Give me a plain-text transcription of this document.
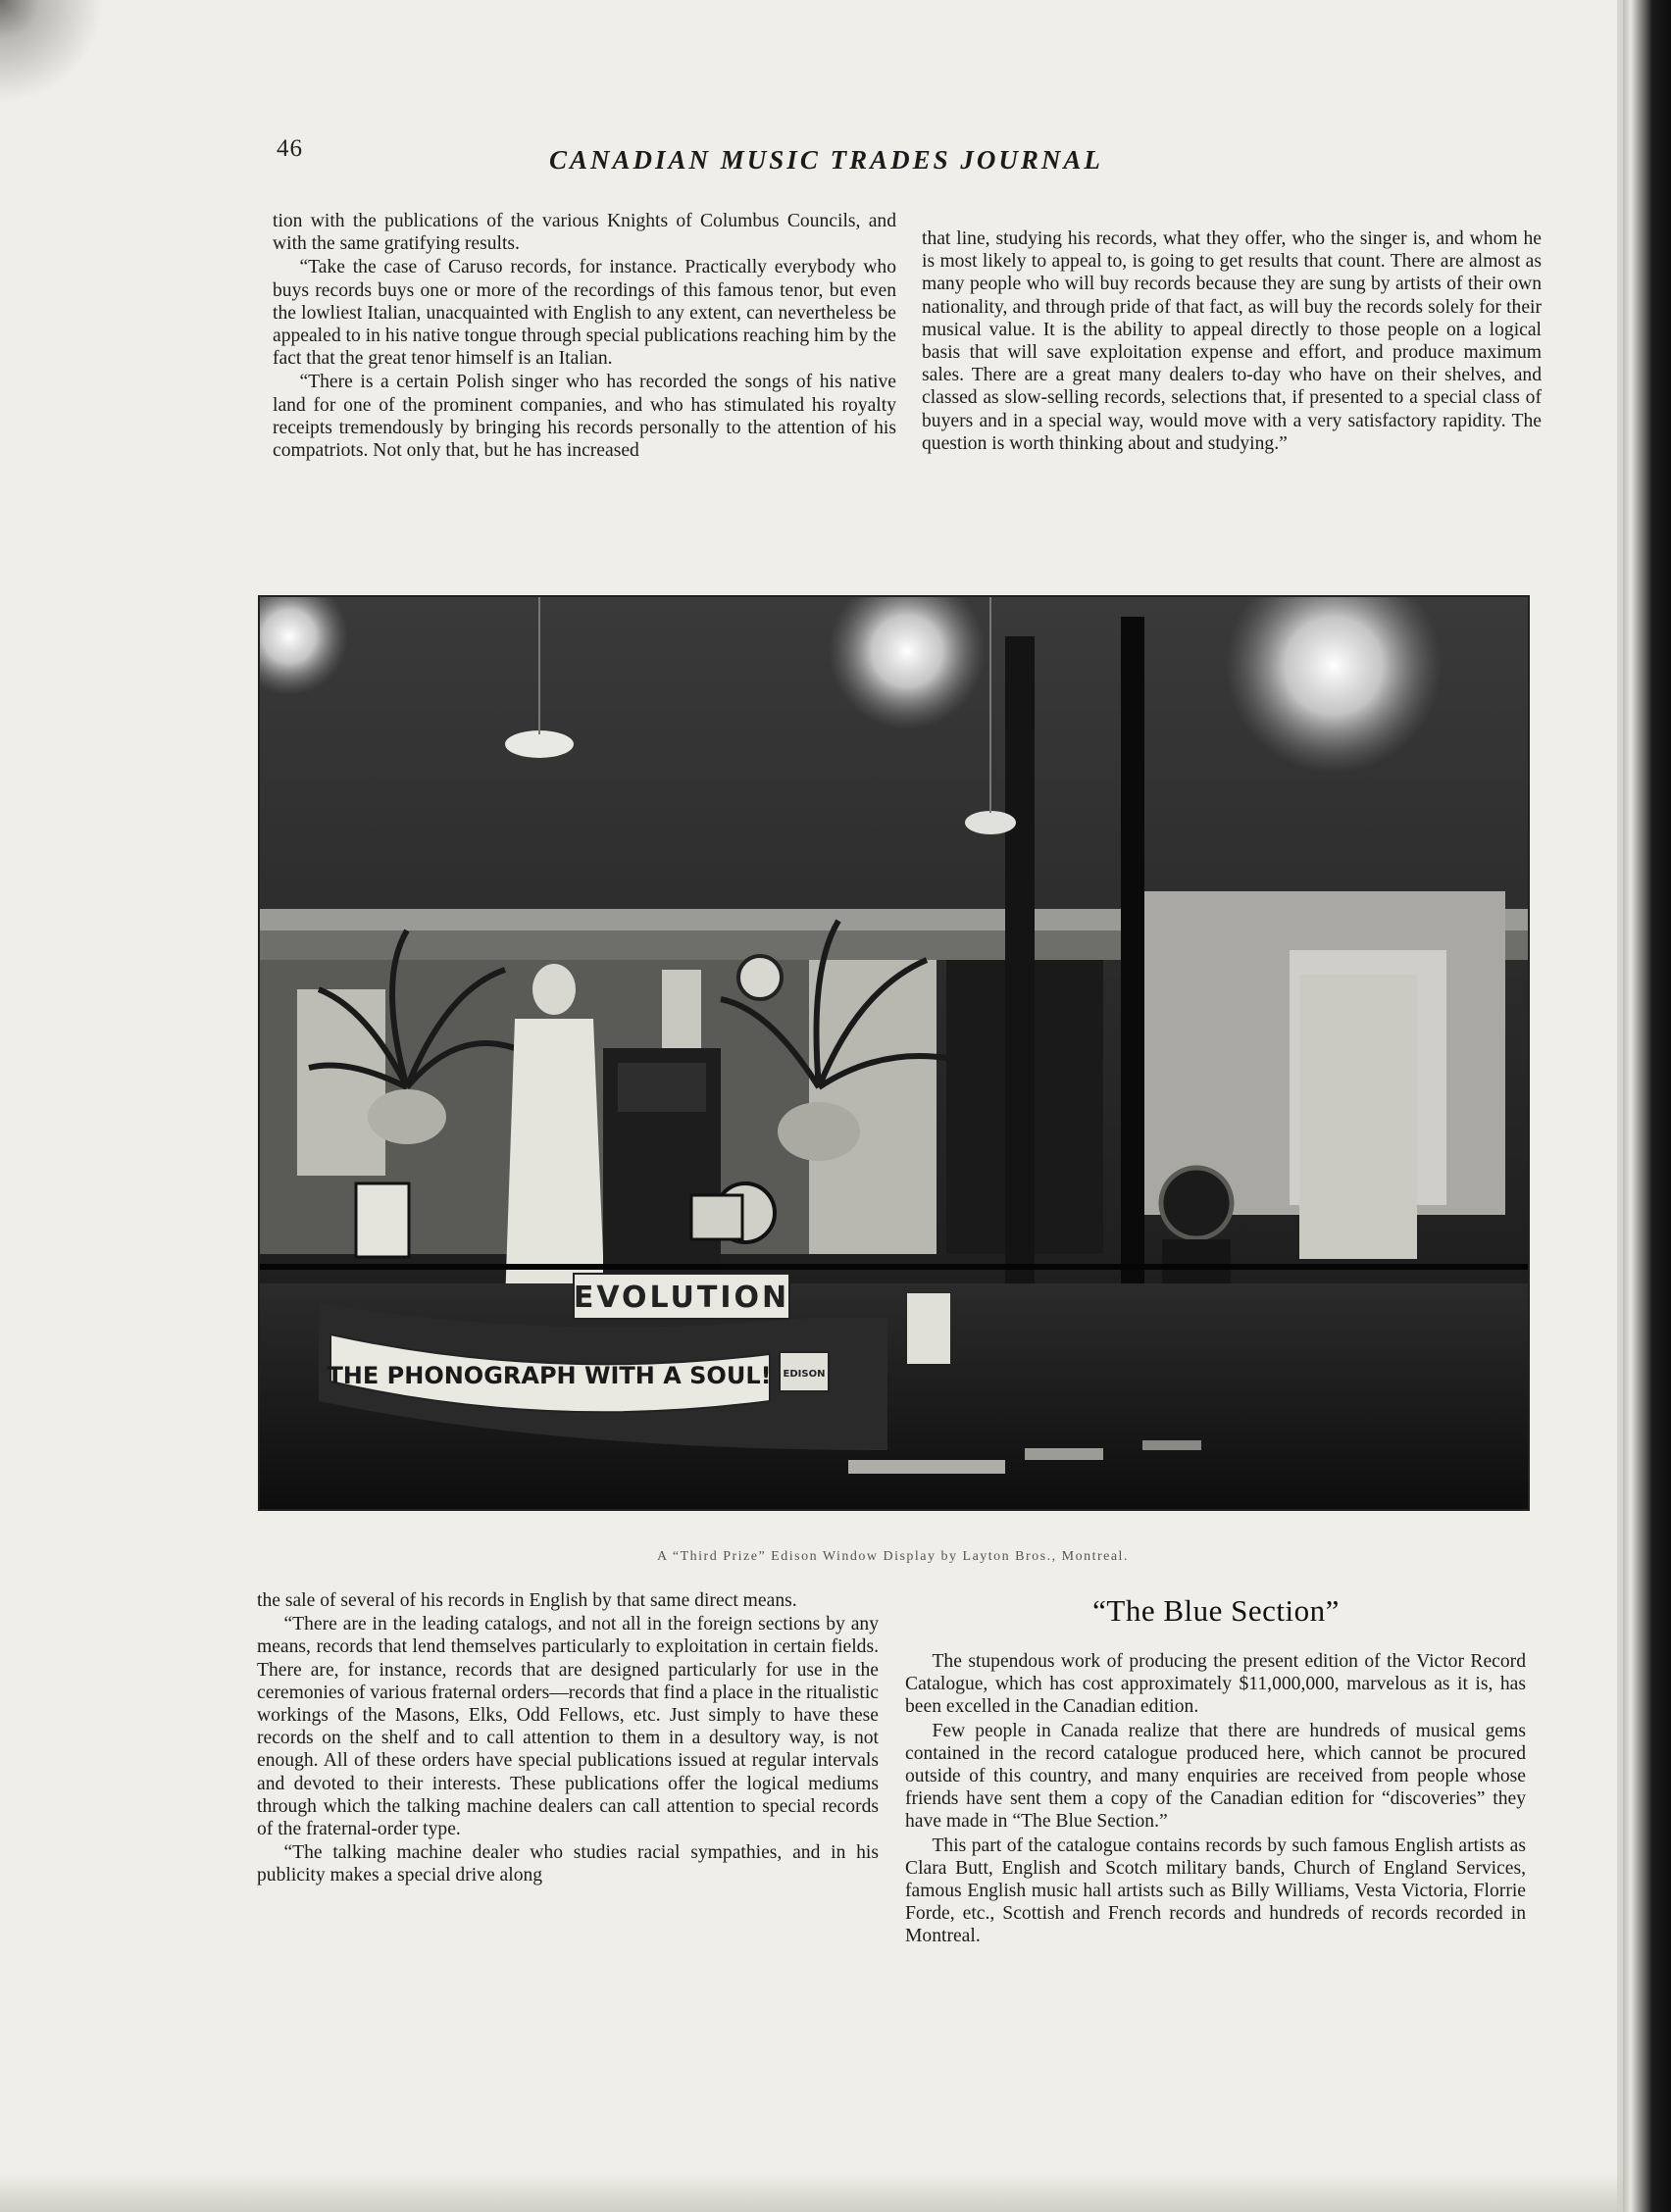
46	CANADIAN MUSIC TRADES JOURNAL

tion with the publications of the various Knights of Columbus Councils, and with the same gratifying results.

“Take the case of Caruso records, for instance. Practically everybody who buys records buys one or more of the recordings of this famous tenor, but even the lowliest Italian, unacquainted with English to any extent, can nevertheless be appealed to in his native tongue through special publications reaching him by the fact that the great tenor himself is an Italian.

“There is a certain Polish singer who has recorded the songs of his native land for one of the prominent companies, and who has stimulated his royalty receipts tremendously by bringing his records personally to the attention of his compatriots. Not only that, but he has increased

that line, studying his records, what they offer, who the singer is, and whom he is most likely to appeal to, is going to get results that count. There are almost as many people who will buy records because they are sung by artists of their own nationality, and through pride of that fact, as will buy the records solely for their musical value. It is the ability to appeal directly to those people on a logical basis that will save exploitation expense and effort, and produce maximum sales. There are a great many dealers to-day who have on their shelves, and classed as slow-selling records, selections that, if presented to a special class of buyers and in a special way, would move with a very satisfactory rapidity. The question is worth thinking about and studying.”

EVOLUTION
THE PHONOGRAPH WITH A SOUL! EDISON
A “Third Prize” Edison Window Display by Layton Bros., Montreal.

the sale of several of his records in English by that same direct means.

“There are in the leading catalogs, and not all in the foreign sections by any means, records that lend themselves particularly to exploitation in certain fields. There are, for instance, records that are designed particularly for use in the ceremonies of various fraternal orders—records that find a place in the ritualistic workings of the Masons, Elks, Odd Fellows, etc. Just simply to have these records on the shelf and to call attention to them in a desultory way, is not enough. All of these orders have special publications issued at regular intervals and devoted to their interests. These publications offer the logical mediums through which the talking machine dealers can call attention to special records of the fraternal-order type.

“The talking machine dealer who studies racial sympathies, and in his publicity makes a special drive along

“The Blue Section”

The stupendous work of producing the present edition of the Victor Record Catalogue, which has cost approximately $11,000,000, marvelous as it is, has been excelled in the Canadian edition.

Few people in Canada realize that there are hundreds of musical gems contained in the record catalogue produced here, which cannot be procured outside of this country, and many enquiries are received from people whose friends have sent them a copy of the Canadian edition for “discoveries” they have made in “The Blue Section.”

This part of the catalogue contains records by such famous English artists as Clara Butt, English and Scotch military bands, Church of England Services, famous English music hall artists such as Billy Williams, Vesta Victoria, Florrie Forde, etc., Scottish and French records and hundreds of records recorded in Montreal.
